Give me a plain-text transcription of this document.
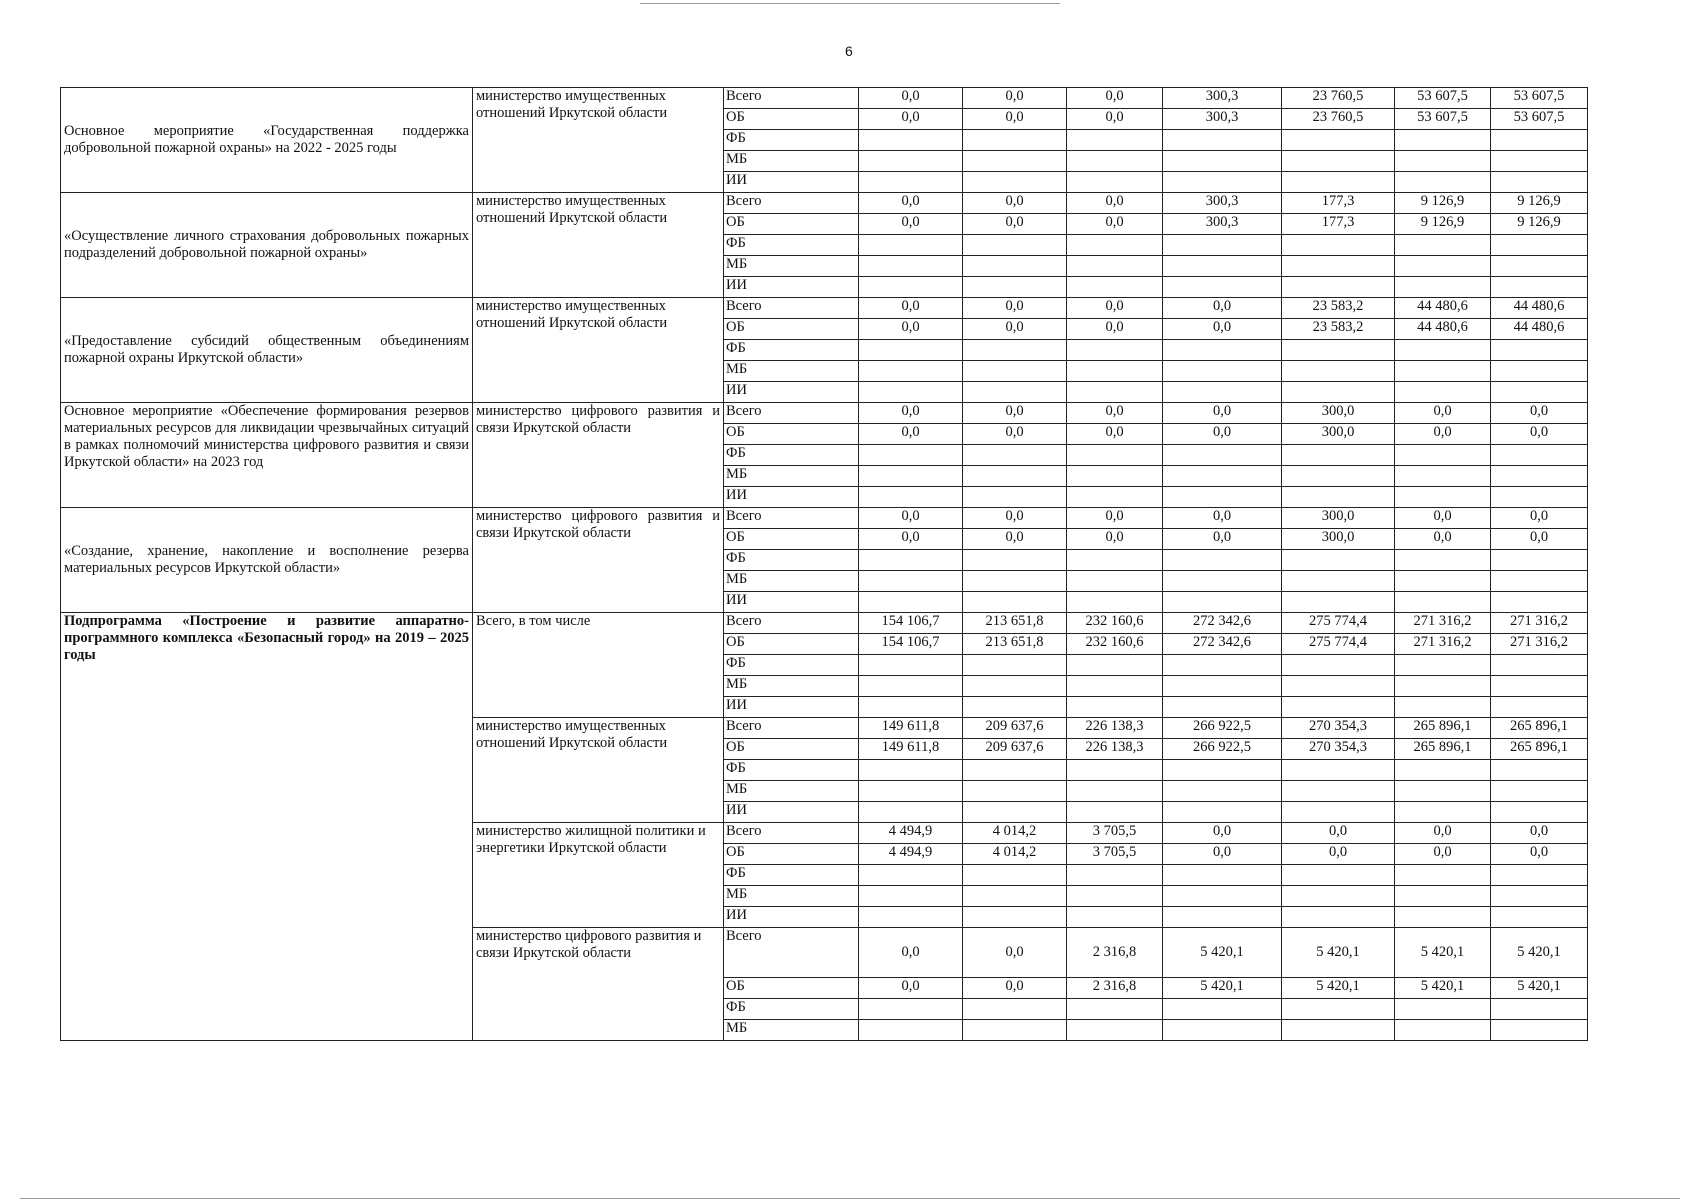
6
Основное мероприятие «Государственная поддержка добровольной пожарной охраны» на 2022 - 2025 годы	министерство имущественных отношений Иркутской области	Всего	0,0	0,0	0,0	300,3	23 760,5	53 607,5	53 607,5
		ОБ	0,0	0,0	0,0	300,3	23 760,5	53 607,5	53 607,5
		ФБ							
		МБ							
		ИИ							
«Осуществление личного страхования добровольных пожарных подразделений добровольной пожарной охраны»	министерство имущественных отношений Иркутской области	Всего	0,0	0,0	0,0	300,3	177,3	9 126,9	9 126,9
		ОБ	0,0	0,0	0,0	300,3	177,3	9 126,9	9 126,9
		ФБ							
		МБ							
		ИИ							
«Предоставление субсидий общественным объединениям пожарной охраны Иркутской области»	министерство имущественных отношений Иркутской области	Всего	0,0	0,0	0,0	0,0	23 583,2	44 480,6	44 480,6
		ОБ	0,0	0,0	0,0	0,0	23 583,2	44 480,6	44 480,6
		ФБ							
		МБ							
		ИИ							
Основное мероприятие «Обеспечение формирования резервов материальных ресурсов для ликвидации чрезвычайных ситуаций в рамках полномочий министерства цифрового развития и связи Иркутской области» на 2023 год	министерство цифрового развития и связи Иркутской области	Всего	0,0	0,0	0,0	0,0	300,0	0,0	0,0
		ОБ	0,0	0,0	0,0	0,0	300,0	0,0	0,0
		ФБ							
		МБ							
		ИИ							
«Создание, хранение, накопление и восполнение резерва материальных ресурсов Иркутской области»	министерство цифрового развития и связи Иркутской области	Всего	0,0	0,0	0,0	0,0	300,0	0,0	0,0
		ОБ	0,0	0,0	0,0	0,0	300,0	0,0	0,0
		ФБ							
		МБ							
		ИИ							
Подпрограмма «Построение и развитие аппаратно-программного комплекса «Безопасный город» на 2019 – 2025 годы	Всего, в том числе	Всего	154 106,7	213 651,8	232 160,6	272 342,6	275 774,4	271 316,2	271 316,2
		ОБ	154 106,7	213 651,8	232 160,6	272 342,6	275 774,4	271 316,2	271 316,2
		ФБ							
		МБ							
		ИИ							
	министерство имущественных отношений Иркутской области	Всего	149 611,8	209 637,6	226 138,3	266 922,5	270 354,3	265 896,1	265 896,1
		ОБ	149 611,8	209 637,6	226 138,3	266 922,5	270 354,3	265 896,1	265 896,1
		ФБ							
		МБ							
		ИИ							
	министерство жилищной политики и энергетики Иркутской области	Всего	4 494,9	4 014,2	3 705,5	0,0	0,0	0,0	0,0
		ОБ	4 494,9	4 014,2	3 705,5	0,0	0,0	0,0	0,0
		ФБ							
		МБ							
		ИИ							
	министерство цифрового развития и связи Иркутской области	Всего	0,0	0,0	2 316,8	5 420,1	5 420,1	5 420,1	5 420,1
		ОБ	0,0	0,0	2 316,8	5 420,1	5 420,1	5 420,1	5 420,1
		ФБ							
		МБ							
